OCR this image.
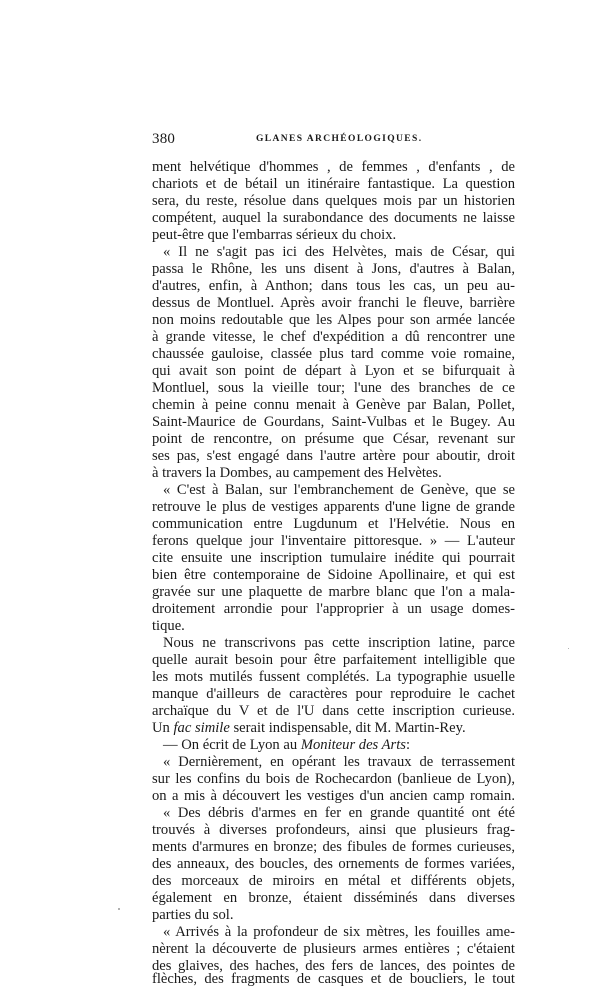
380	GLANES ARCHÉOLOGIQUES.
ment helvétique d'hommes , de femmes , d'enfants , de
chariots et de bétail un itinéraire fantastique. La question
sera, du reste, résolue dans quelques mois par un historien
compétent, auquel la surabondance des documents ne laisse
peut-être que l'embarras sérieux du choix.
« Il ne s'agit pas ici des Helvètes, mais de César, qui
passa le Rhône, les uns disent à Jons, d'autres à Balan,
d'autres, enfin, à Anthon; dans tous les cas, un peu au-
dessus de Montluel. Après avoir franchi le fleuve, barrière
non moins redoutable que les Alpes pour son armée lancée
à grande vitesse, le chef d'expédition a dû rencontrer une
chaussée gauloise, classée plus tard comme voie romaine,
qui avait son point de départ à Lyon et se bifurquait à
Montluel, sous la vieille tour; l'une des branches de ce
chemin à peine connu menait à Genève par Balan, Pollet,
Saint-Maurice de Gourdans, Saint-Vulbas et le Bugey. Au
point de rencontre, on présume que César, revenant sur
ses pas, s'est engagé dans l'autre artère pour aboutir, droit
à travers la Dombes, au campement des Helvètes.
« C'est à Balan, sur l'embranchement de Genève, que se
retrouve le plus de vestiges apparents d'une ligne de grande
communication entre Lugdunum et l'Helvétie. Nous en
ferons quelque jour l'inventaire pittoresque. » — L'auteur
cite ensuite une inscription tumulaire inédite qui pourrait
bien être contemporaine de Sidoine Apollinaire, et qui est
gravée sur une plaquette de marbre blanc que l'on a mala-
droitement arrondie pour l'approprier à un usage domes-
tique.
Nous ne transcrivons pas cette inscription latine, parce
quelle aurait besoin pour être parfaitement intelligible que
les mots mutilés fussent complétés. La typographie usuelle
manque d'ailleurs de caractères pour reproduire le cachet
archaïque du V et de l'U dans cette inscription curieuse.
Un fac simile serait indispensable, dit M. Martin-Rey.
— On écrit de Lyon au Moniteur des Arts:
« Dernièrement, en opérant les travaux de terrassement
sur les confins du bois de Rochecardon (banlieue de Lyon),
on a mis à découvert les vestiges d'un ancien camp romain.
« Des débris d'armes en fer en grande quantité ont été
trouvés à diverses profondeurs, ainsi que plusieurs frag-
ments d'armures en bronze; des fibules de formes curieuses,
des anneaux, des boucles, des ornements de formes variées,
des morceaux de miroirs en métal et différents objets,
également en bronze, étaient disséminés dans diverses
parties du sol.
« Arrivés à la profondeur de six mètres, les fouilles ame-
nèrent la découverte de plusieurs armes entières ; c'étaient
des glaives, des haches, des fers de lances, des pointes de
flèches, des fragments de casques et de boucliers, le tout
